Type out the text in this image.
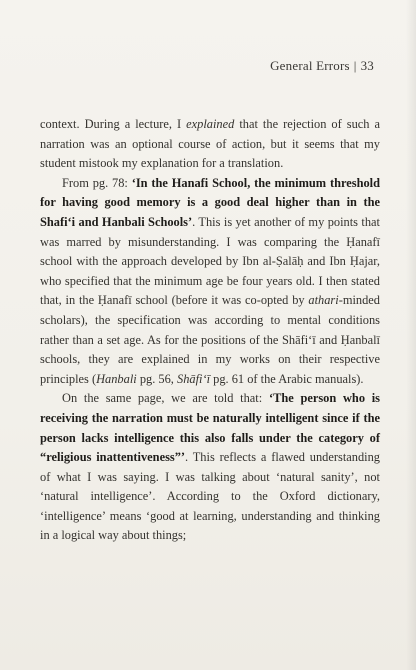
General Errors | 33

context. During a lecture, I explained that the rejection of such a narration was an optional course of action, but it seems that my student mistook my explanation for a translation.

From pg. 78: ‘In the Hanafi School, the minimum threshold for having good memory is a good deal higher than in the Shafi‘i and Hanbali Schools’. This is yet another of my points that was marred by misunderstanding. I was comparing the Ḥanafī school with the approach developed by Ibn al-Ṣalāḥ and Ibn Ḥajar, who specified that the minimum age be four years old. I then stated that, in the Ḥanafī school (before it was co-opted by athari-minded scholars), the specification was according to mental conditions rather than a set age. As for the positions of the Shāfi‘ī and Ḥanbalī schools, they are explained in my works on their respective principles (Hanbali pg. 56, Shāfi‘ī pg. 61 of the Arabic manuals).

On the same page, we are told that: ‘The person who is receiving the narration must be naturally intelligent since if the person lacks intelligence this also falls under the category of “religious inattentiveness”’. This reflects a flawed understanding of what I was saying. I was talking about ‘natural sanity’, not ‘natural intelligence’. According to the Oxford dictionary, ‘intelligence’ means ‘good at learning, understanding and thinking in a logical way about things;
